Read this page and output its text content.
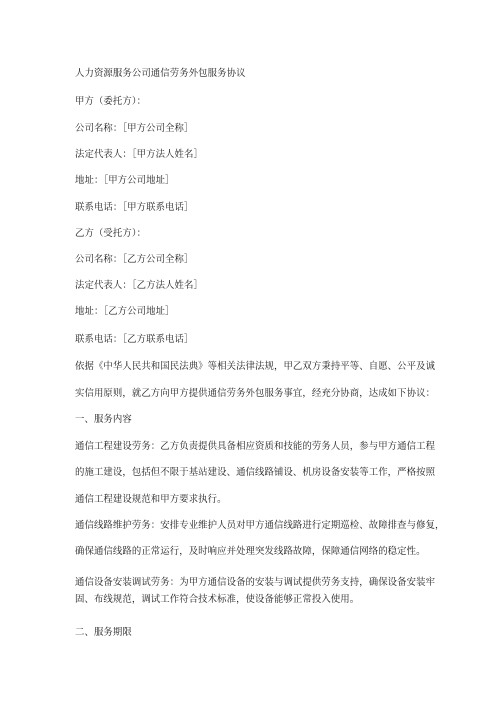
人力资源服务公司通信劳务外包服务协议
甲方（委托方）：
公司名称：［甲方公司全称］
法定代表人：［甲方法人姓名］
地址：［甲方公司地址］
联系电话：［甲方联系电话］
乙方（受托方）：
公司名称：［乙方公司全称］
法定代表人：［乙方法人姓名］
地址：［乙方公司地址］
联系电话：［乙方联系电话］
依据《中华人民共和国民法典》等相关法律法规，甲乙双方秉持平等、自愿、公平及诚
实信用原则，就乙方向甲方提供通信劳务外包服务事宜，经充分协商，达成如下协议：
一、服务内容
通信工程建设劳务：乙方负责提供具备相应资质和技能的劳务人员，参与甲方通信工程
的施工建设，包括但不限于基站建设、通信线路铺设、机房设备安装等工作，严格按照
通信工程建设规范和甲方要求执行。
通信线路维护劳务：安排专业维护人员对甲方通信线路进行定期巡检、故障排查与修复，
确保通信线路的正常运行，及时响应并处理突发线路故障，保障通信网络的稳定性。
通信设备安装调试劳务：为甲方通信设备的安装与调试提供劳务支持，确保设备安装牢
固、布线规范，调试工作符合技术标准，使设备能够正常投入使用。
二、服务期限
